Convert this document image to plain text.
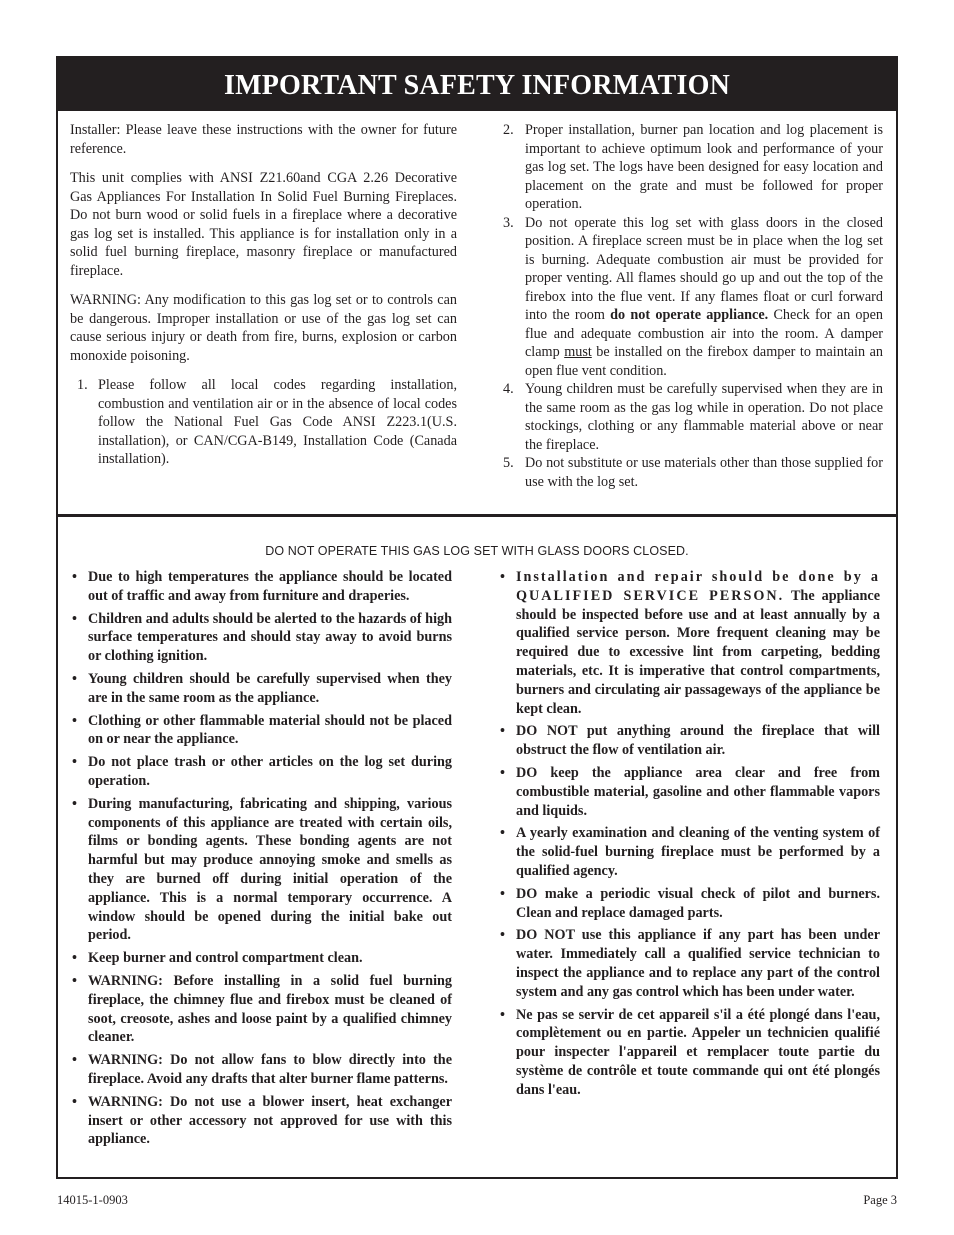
IMPORTANT SAFETY INFORMATION

Installer: Please leave these instructions with the owner for future reference.

This unit complies with ANSI Z21.60and CGA 2.26 Decorative Gas Appliances For Installation In Solid Fuel Burning Fireplaces. Do not burn wood or solid fuels in a fireplace where a decorative gas log set is installed. This appliance is for installation only in a solid fuel burning fireplace, masonry fireplace or manufactured fireplace.

WARNING: Any modification to this gas log set or to controls can be dangerous. Improper installation or use of the gas log set can cause serious injury or death from fire, burns, explosion or carbon monoxide poisoning.

1. Please follow all local codes regarding installation, combustion and ventilation air or in the absence of local codes follow the National Fuel Gas Code ANSI Z223.1(U.S. installation), or CAN/CGA-B149, Installation Code (Canada installation).
2. Proper installation, burner pan location and log placement is important to achieve optimum look and performance of your gas log set. The logs have been designed for easy location and placement on the grate and must be followed for proper operation.
3. Do not operate this log set with glass doors in the closed position. A fireplace screen must be in place when the log set is burning. Adequate combustion air must be provided for proper venting. All flames should go up and out the top of the firebox into the flue vent. If any flames float or curl forward into the room do not operate appliance. Check for an open flue and adequate combustion air into the room. A damper clamp must be installed on the firebox damper to maintain an open flue vent condition.
4. Young children must be carefully supervised when they are in the same room as the gas log while in operation. Do not place stockings, clothing or any flammable material above or near the fireplace.
5. Do not substitute or use materials other than those supplied for use with the log set.
DO NOT OPERATE THIS GAS LOG SET WITH GLASS DOORS CLOSED.
• Due to high temperatures the appliance should be located out of traffic and away from furniture and draperies.
• Children and adults should be alerted to the hazards of high surface temperatures and should stay away to avoid burns or clothing ignition.
• Young children should be carefully supervised when they are in the same room as the appliance.
• Clothing or other flammable material should not be placed on or near the appliance.
• Do not place trash or other articles on the log set during operation.
• During manufacturing, fabricating and shipping, various components of this appliance are treated with certain oils, films or bonding agents. These bonding agents are not harmful but may produce annoying smoke and smells as they are burned off during initial operation of the appliance. This is a normal temporary occurrence. A window should be opened during the initial bake out period.
• Keep burner and control compartment clean.
• WARNING: Before installing in a solid fuel burning fireplace, the chimney flue and firebox must be cleaned of soot, creosote, ashes and loose paint by a qualified chimney cleaner.
• WARNING: Do not allow fans to blow directly into the fireplace. Avoid any drafts that alter burner flame patterns.
• WARNING: Do not use a blower insert, heat exchanger insert or other accessory not approved for use with this appliance.
• Installation and repair should be done by a QUALIFIED SERVICE PERSON. The appliance should be inspected before use and at least annually by a qualified service person. More frequent cleaning may be required due to excessive lint from carpeting, bedding materials, etc. It is imperative that control compartments, burners and circulating air passageways of the appliance be kept clean.
• DO NOT put anything around the fireplace that will obstruct the flow of ventilation air.
• DO keep the appliance area clear and free from combustible material, gasoline and other flammable vapors and liquids.
• A yearly examination and cleaning of the venting system of the solid-fuel burning fireplace must be performed by a qualified agency.
• DO make a periodic visual check of pilot and burners. Clean and replace damaged parts.
• DO NOT use this appliance if any part has been under water. Immediately call a qualified service technician to inspect the appliance and to replace any part of the control system and any gas control which has been under water.
• Ne pas se servir de cet appareil s'il a été plongé dans l'eau, complètement ou en partie. Appeler un technicien qualifié pour inspecter l'appareil et remplacer toute partie du système de contrôle et toute commande qui ont été plongés dans l'eau.
14015-1-0903	Page 3
